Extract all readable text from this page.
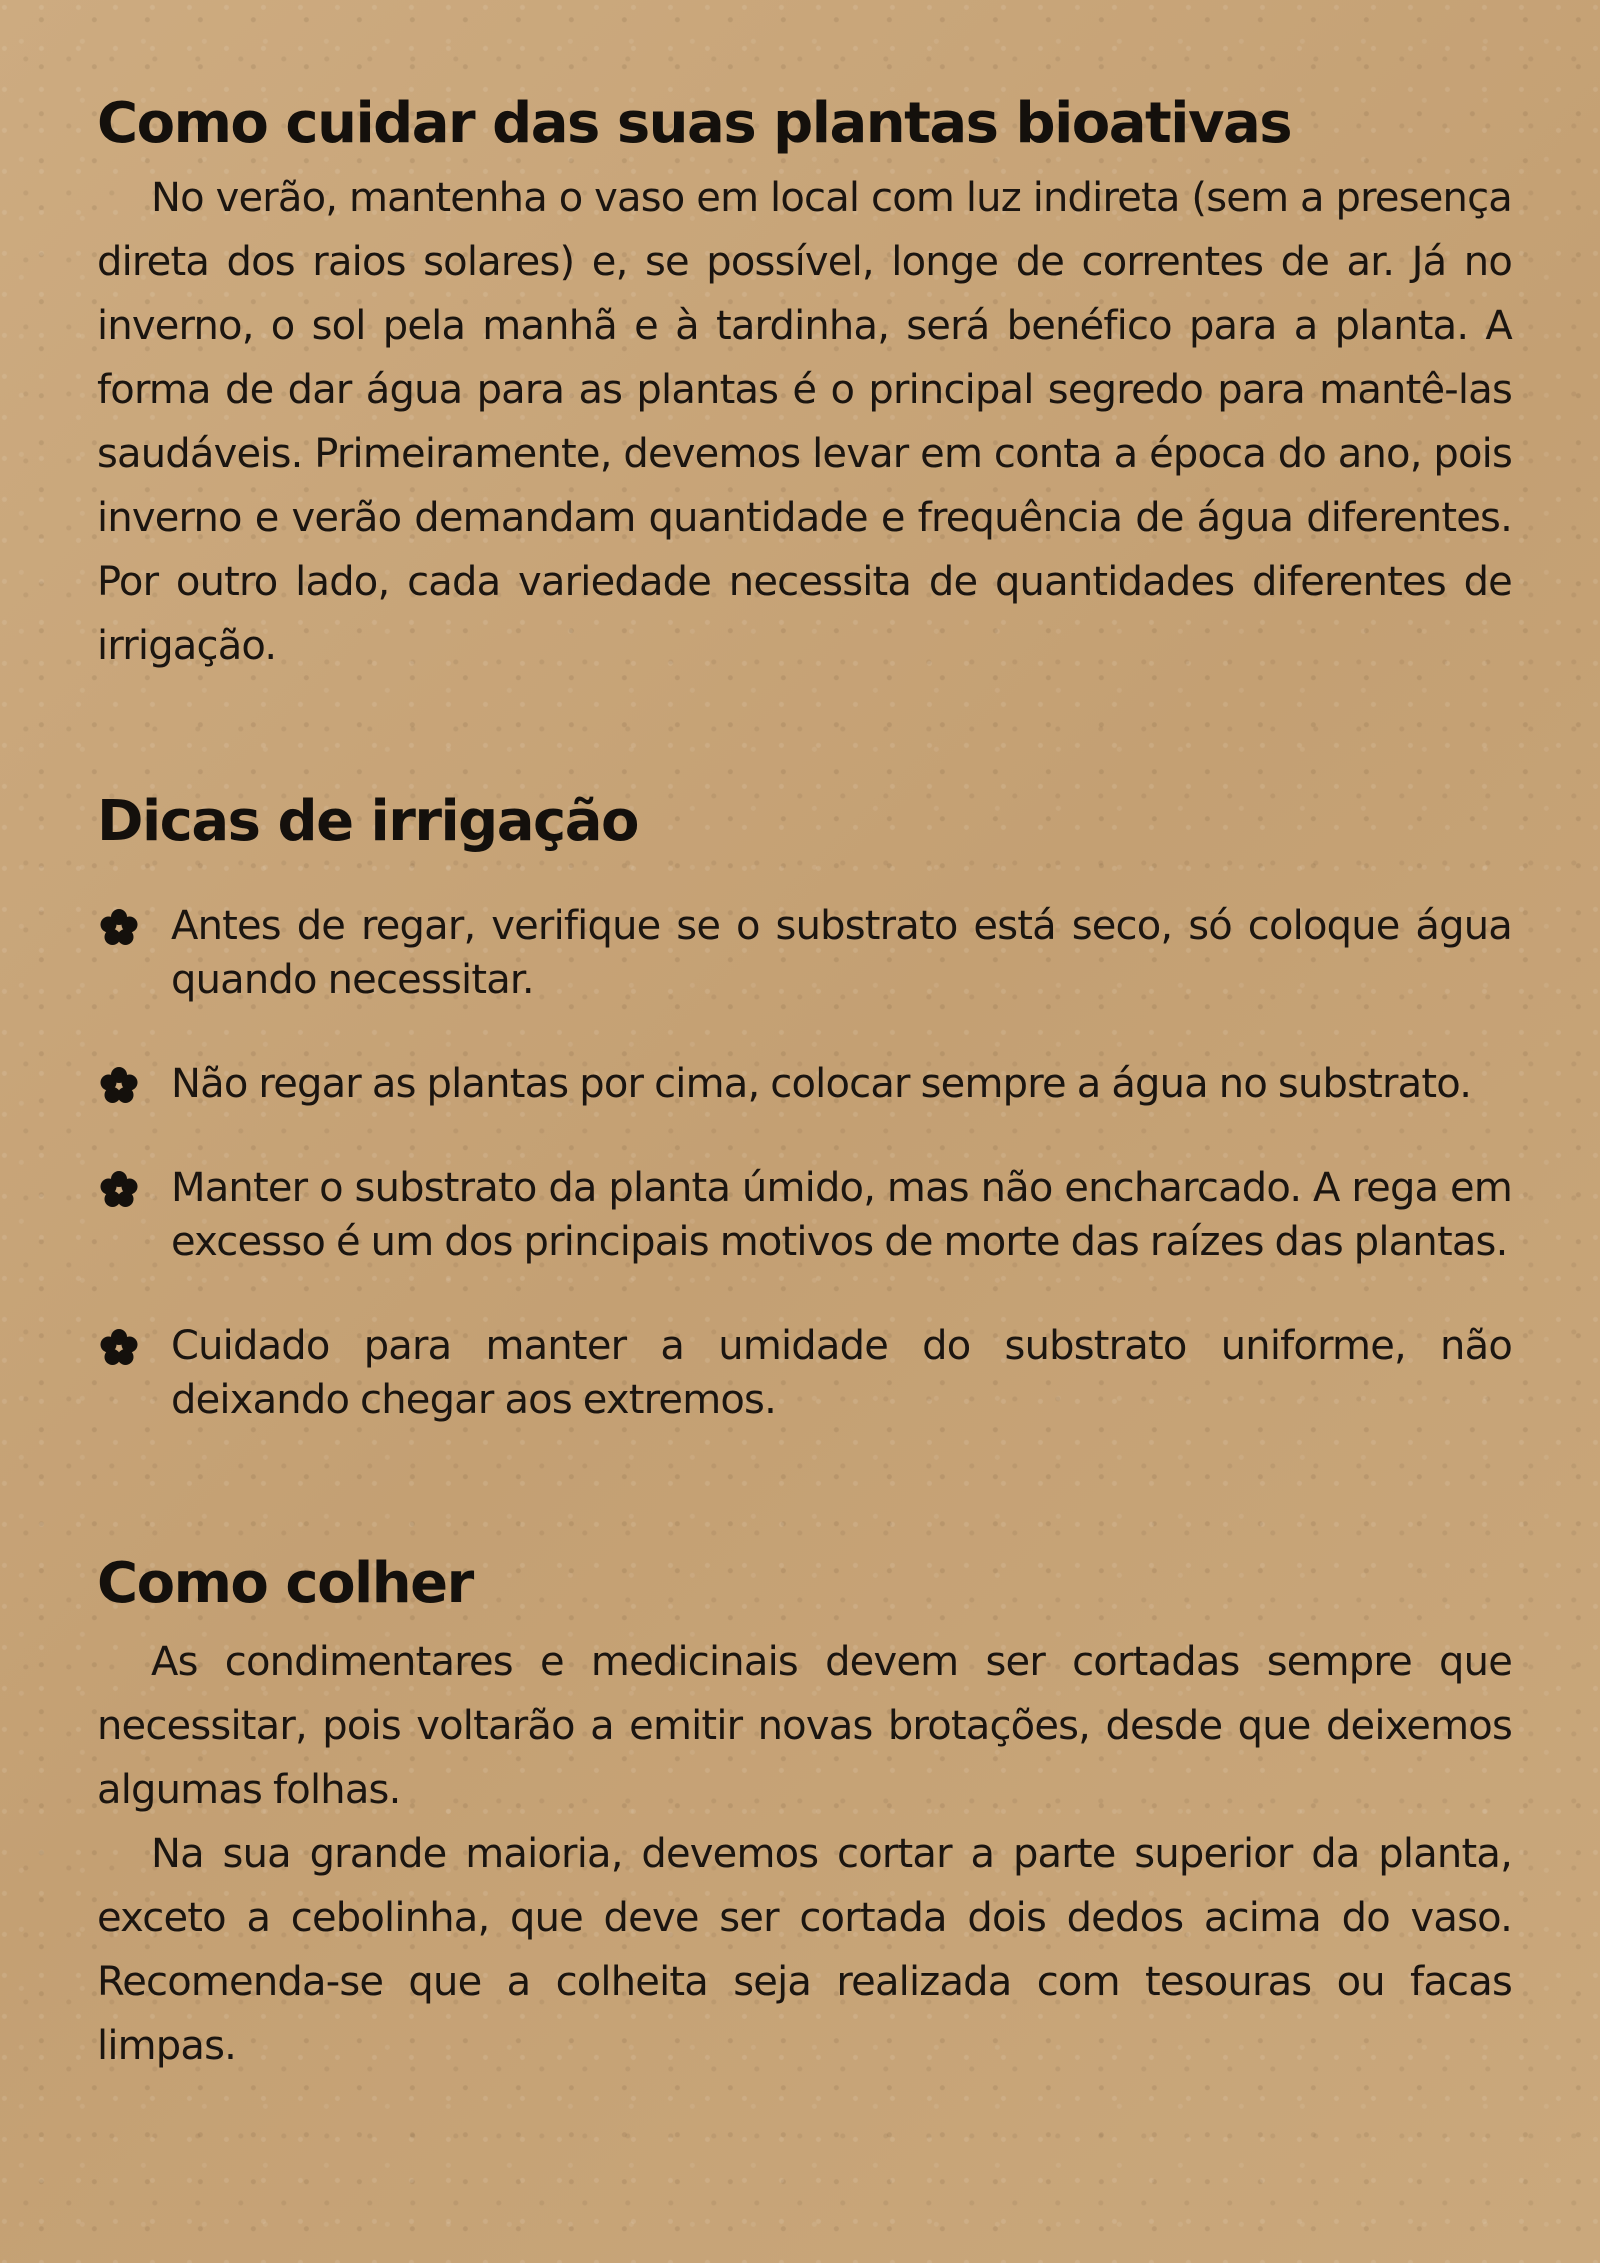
Como cuidar das suas plantas bioativas

No verão, mantenha o vaso em local com luz indireta (sem a presença direta dos raios solares) e, se possível, longe de correntes de ar. Já no inverno, o sol pela manhã e à tardinha, será benéfico para a planta. A forma de dar água para as plantas é o principal segredo para mantê-las saudáveis. Primeiramente, devemos levar em conta a época do ano, pois inverno e verão demandam quantidade e frequência de água diferentes. Por outro lado, cada variedade necessita de quantidades diferentes de irrigação.

Dicas de irrigação
Antes de regar, verifique se o substrato está seco, só coloque água quando necessitar.
Não regar as plantas por cima, colocar sempre a água no substrato.
Manter o substrato da planta úmido, mas não encharcado. A rega em excesso é um dos principais motivos de morte das raízes das plantas.
Cuidado para manter a umidade do substrato uniforme, não deixando chegar aos extremos.
Como colher

As condimentares e medicinais devem ser cortadas sempre que necessitar, pois voltarão a emitir novas brotações, desde que deixemos algumas folhas.

Na sua grande maioria, devemos cortar a parte superior da planta, exceto a cebolinha, que deve ser cortada dois dedos acima do vaso. Recomenda-se que a colheita seja realizada com tesouras ou facas limpas.
